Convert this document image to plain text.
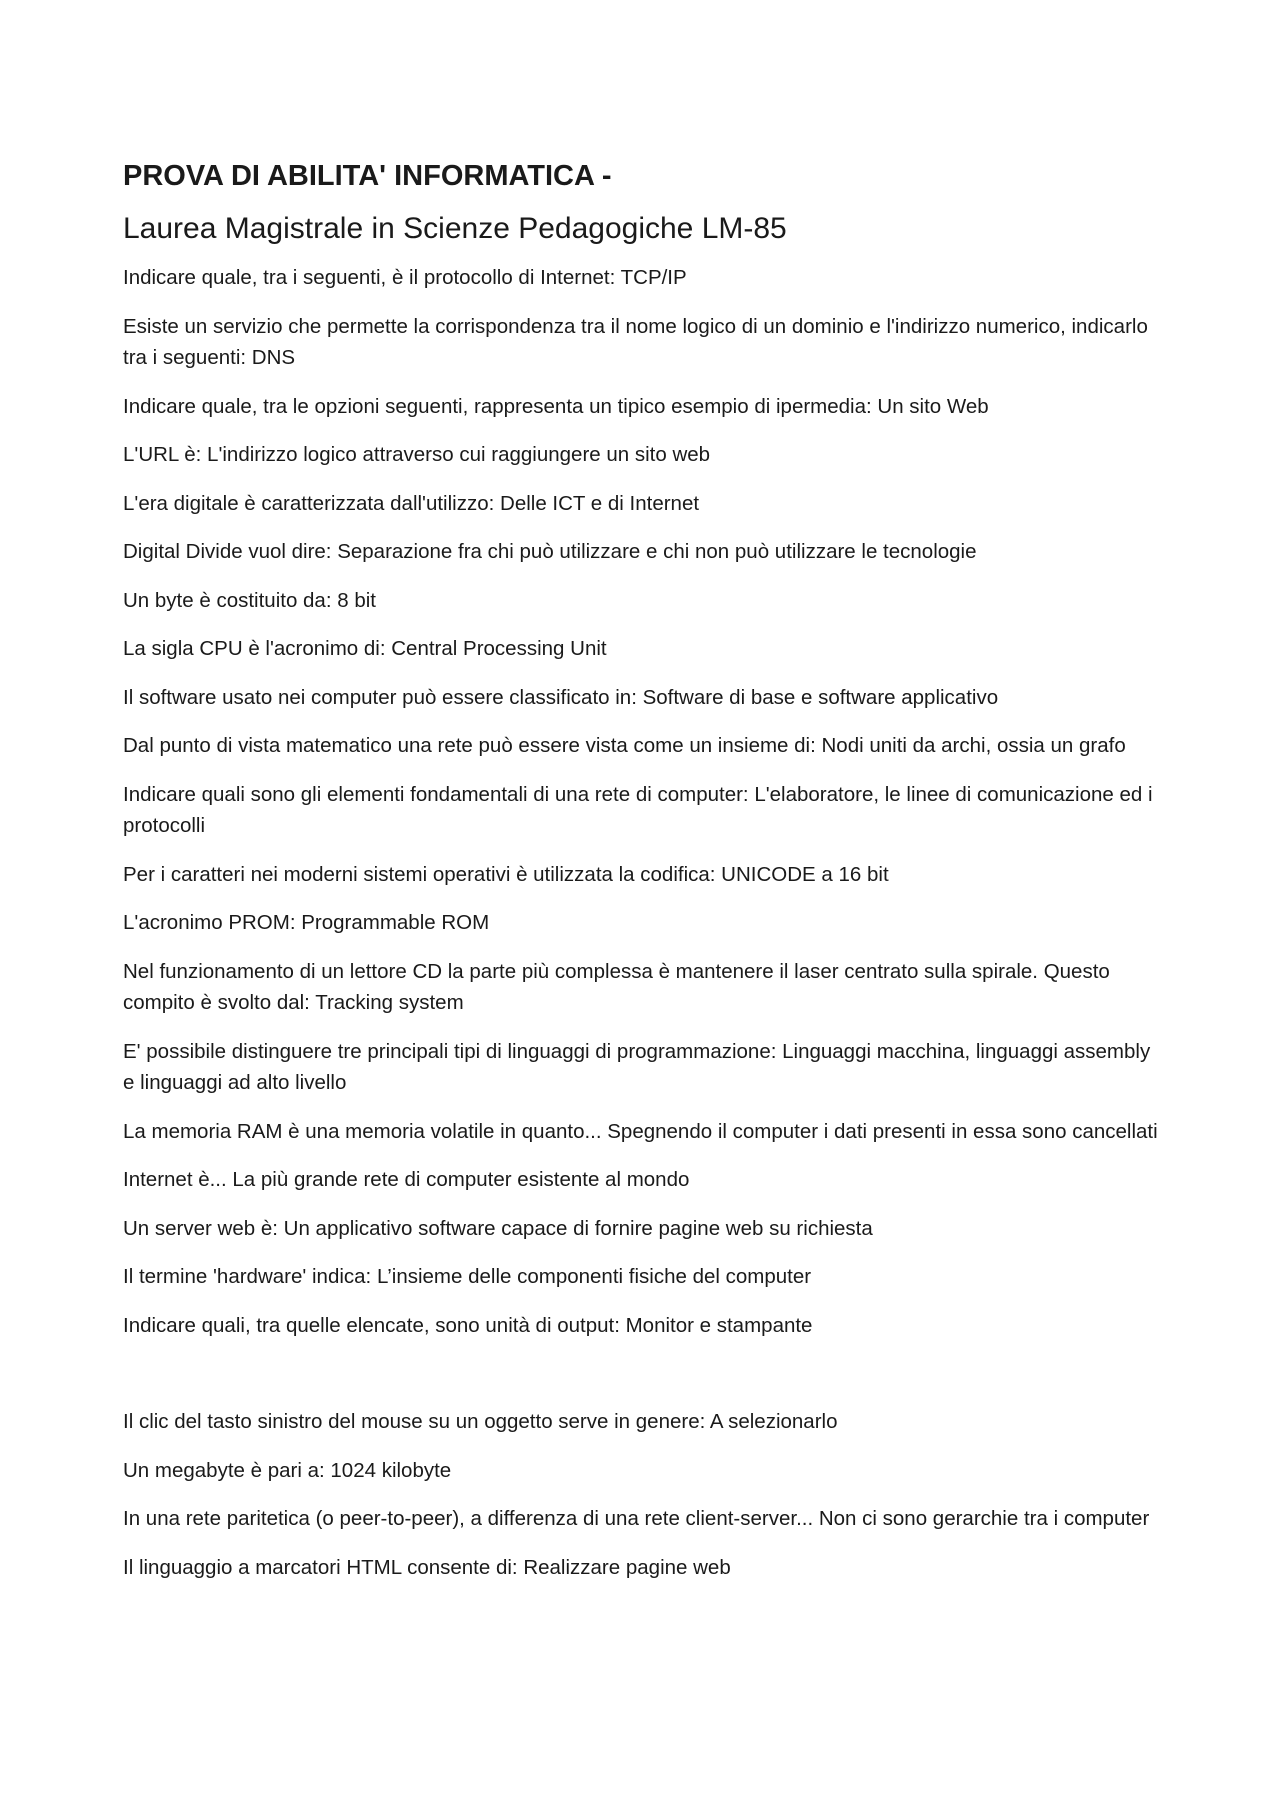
PROVA DI ABILITA' INFORMATICA -
Laurea Magistrale in Scienze Pedagogiche LM-85

Indicare quale, tra i seguenti, è il protocollo di Internet: TCP/IP

Esiste un servizio che permette la corrispondenza tra il nome logico di un dominio e l'indirizzo numerico, indicarlo tra i seguenti: DNS

Indicare quale, tra le opzioni seguenti, rappresenta un tipico esempio di ipermedia: Un sito Web

L'URL è: L'indirizzo logico attraverso cui raggiungere un sito web

L'era digitale è caratterizzata dall'utilizzo: Delle ICT e di Internet

Digital Divide vuol dire: Separazione fra chi può utilizzare e chi non può utilizzare le tecnologie

Un byte è costituito da: 8 bit

La sigla CPU è l'acronimo di: Central Processing Unit

Il software usato nei computer può essere classificato in: Software di base e software applicativo

Dal punto di vista matematico una rete può essere vista come un insieme di: Nodi uniti da archi, ossia un grafo

Indicare quali sono gli elementi fondamentali di una rete di computer: L'elaboratore, le linee di comunicazione ed i protocolli

Per i caratteri nei moderni sistemi operativi è utilizzata la codifica: UNICODE a 16 bit

L'acronimo PROM: Programmable ROM

Nel funzionamento di un lettore CD la parte più complessa è mantenere il laser centrato sulla spirale. Questo compito è svolto dal: Tracking system

E' possibile distinguere tre principali tipi di linguaggi di programmazione: Linguaggi macchina, linguaggi assembly e linguaggi ad alto livello

La memoria RAM è una memoria volatile in quanto... Spegnendo il computer i dati presenti in essa sono cancellati

Internet è... La più grande rete di computer esistente al mondo

Un server web è: Un applicativo software capace di fornire pagine web su richiesta

Il termine 'hardware' indica: L’insieme delle componenti fisiche del computer

Indicare quali, tra quelle elencate, sono unità di output: Monitor e stampante

Il clic del tasto sinistro del mouse su un oggetto serve in genere: A selezionarlo

Un megabyte è pari a: 1024 kilobyte

In una rete paritetica (o peer-to-peer), a differenza di una rete client-server... Non ci sono gerarchie tra i computer

Il linguaggio a marcatori HTML consente di: Realizzare pagine web
